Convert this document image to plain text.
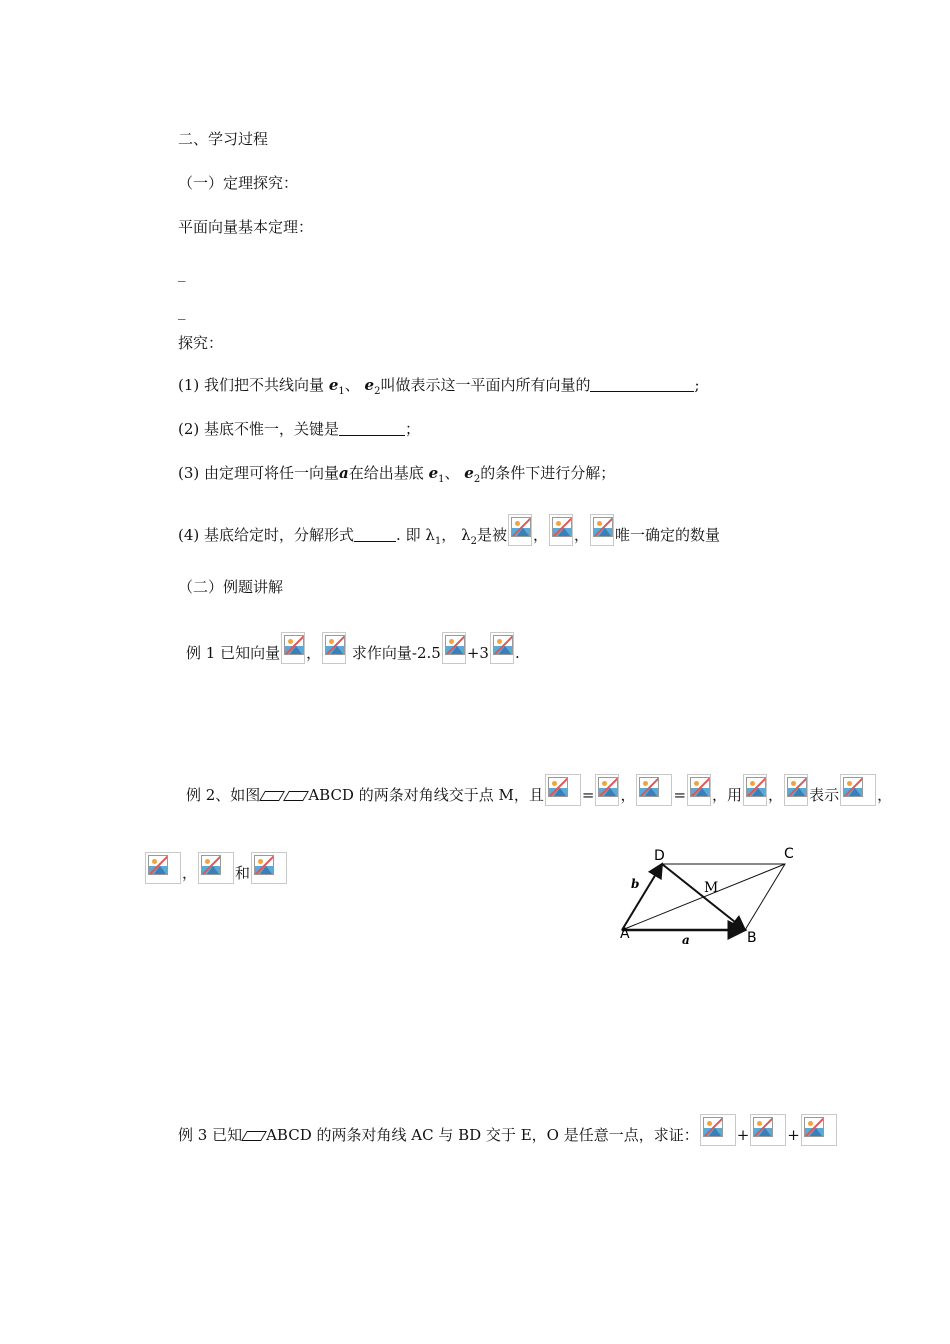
二、学习过程
（一）定理探究：
平面向量基本定理：
_
_
探究：
(1) 我们把不共线向量 $e_1$、 $e_2$叫做表示这一平面内所有向量的	;
(2) 基底不惟一，关键是	；
(3) 由定理可将任一向量a在给出基底 $e_1$、 $e_2$的条件下进行分解；
(4) 基底给定时，分解形式	. 即 $\lambda_1$， $\lambda_2$是被 ， ， 唯一确定的数量
（二）例题讲解
例 1 已知向量 ， 求作向量-2.5 +3 .
例 2、如图	ABCD 的两条对角线交于点 M，且	= ，	= ，用 ， 表示	，
，	和
D	C
A	B
M
a
b
例 3 已知 ABCD 的两条对角线 AC 与 BD 交于 E，O 是任意一点，求证：	+	+
